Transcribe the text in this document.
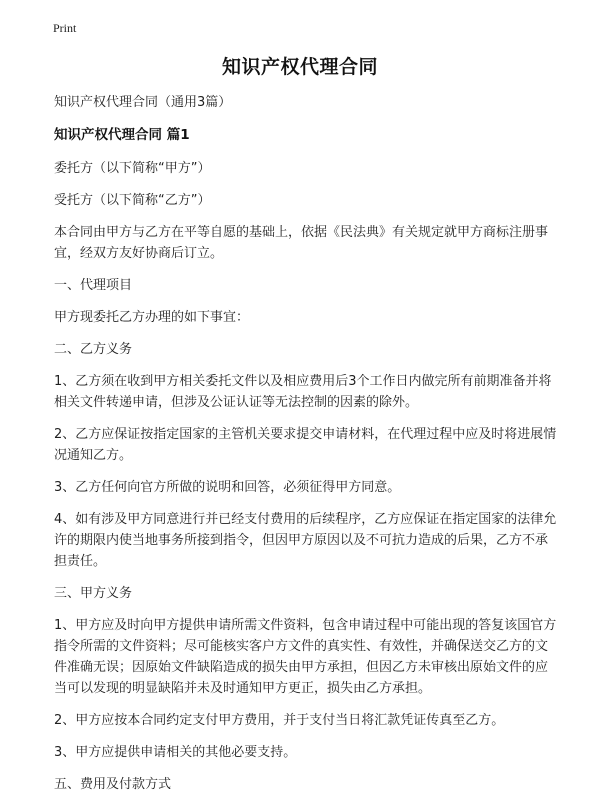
Print
知识产权代理合同

知识产权代理合同（通用3篇）

知识产权代理合同 篇1

委托方（以下简称“甲方”）

受托方（以下简称“乙方”）

本合同由甲方与乙方在平等自愿的基础上，依据《民法典》有关规定就甲方商标注册事宜，经双方友好协商后订立。

一、代理项目

甲方现委托乙方办理的如下事宜：

二、乙方义务

1、乙方须在收到甲方相关委托文件以及相应费用后3个工作日内做完所有前期准备并将相关文件转递申请，但涉及公证认证等无法控制的因素的除外。

2、乙方应保证按指定国家的主管机关要求提交申请材料，在代理过程中应及时将进展情况通知乙方。

3、乙方任何向官方所做的说明和回答，必须征得甲方同意。

4、如有涉及甲方同意进行并已经支付费用的后续程序，乙方应保证在指定国家的法律允许的期限内使当地事务所接到指令，但因甲方原因以及不可抗力造成的后果，乙方不承担责任。

三、甲方义务

1、甲方应及时向甲方提供申请所需文件资料，包含申请过程中可能出现的答复该国官方指令所需的文件资料；尽可能核实客户方文件的真实性、有效性，并确保送交乙方的文件准确无误；因原始文件缺陷造成的损失由甲方承担，但因乙方未审核出原始文件的应当可以发现的明显缺陷并未及时通知甲方更正，损失由乙方承担。

2、甲方应按本合同约定支付甲方费用，并于支付当日将汇款凭证传真至乙方。

3、甲方应提供申请相关的其他必要支持。

五、费用及付款方式
